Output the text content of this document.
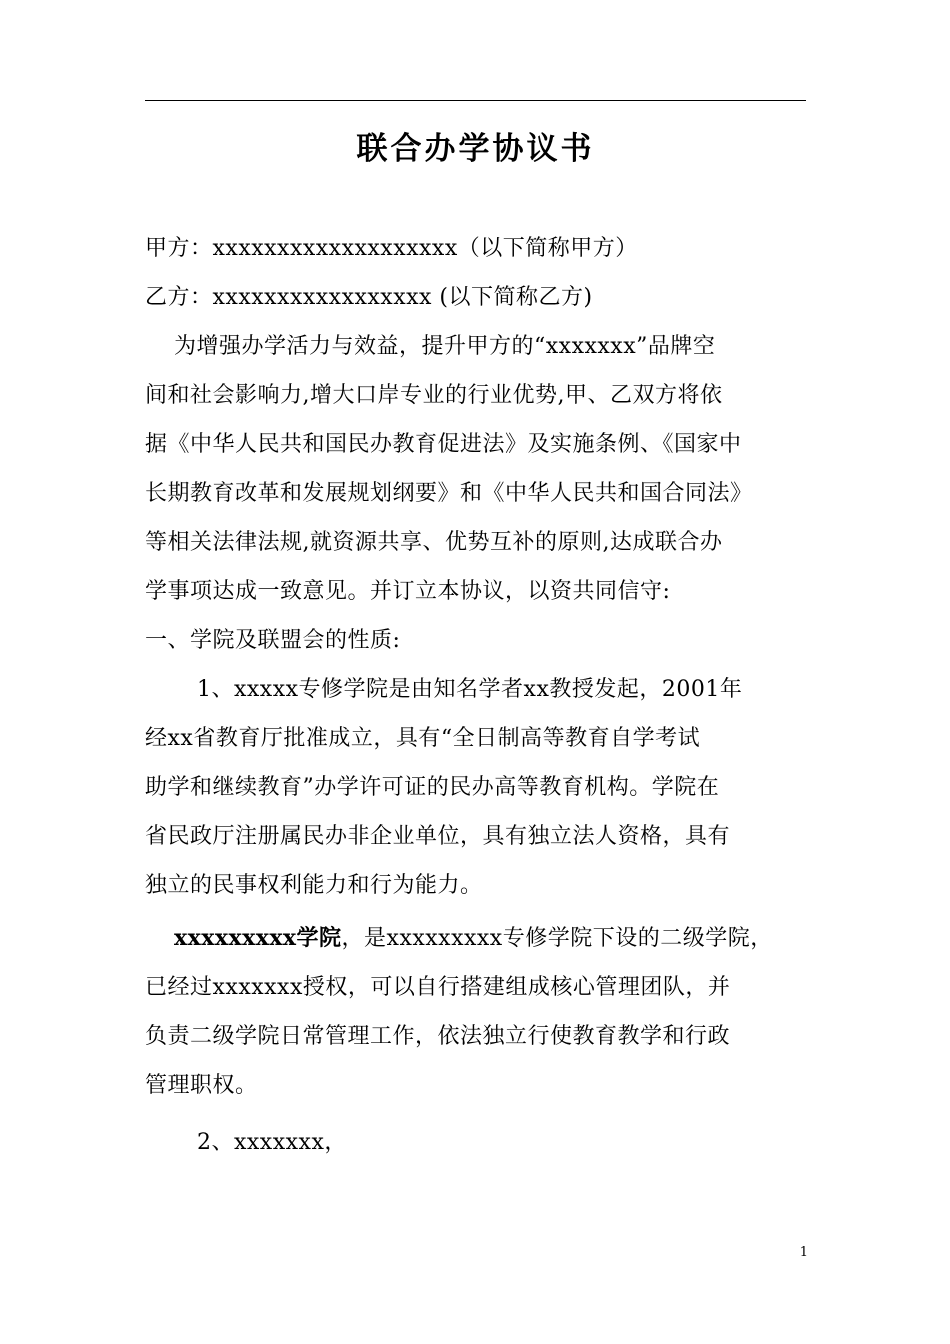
联合办学协议书
甲方：xxxxxxxxxxxxxxxxxxx（以下简称甲方）
乙方：xxxxxxxxxxxxxxxxx (以下简称乙方)
为增强办学活力与效益，提升甲方的“xxxxxxx”品牌空
间和社会影响力,增大口岸专业的行业优势,甲、乙双方将依
据《中华人民共和国民办教育促进法》及实施条例、《国家中
长期教育改革和发展规划纲要》和《中华人民共和国合同法》
等相关法律法规,就资源共享、优势互补的原则,达成联合办
学事项达成一致意见。并订立本协议，以资共同信守:
一、学院及联盟会的性质:
1、xxxxx专修学院是由知名学者xx教授发起，2001年
经xx省教育厅批准成立，具有“全日制高等教育自学考试
助学和继续教育”办学许可证的民办高等教育机构。学院在
省民政厅注册属民办非企业单位，具有独立法人资格，具有
独立的民事权利能力和行为能力。
xxxxxxxxx学院，是xxxxxxxxx专修学院下设的二级学院，
已经过xxxxxxx授权，可以自行搭建组成核心管理团队，并
负责二级学院日常管理工作，依法独立行使教育教学和行政
管理职权。
2、xxxxxxx，
1
